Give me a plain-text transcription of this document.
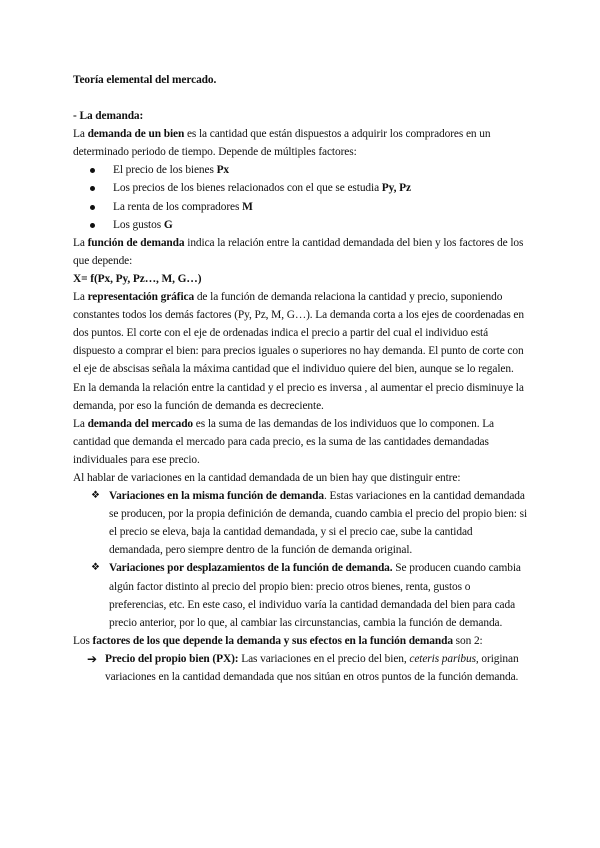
Teoría elemental del mercado.

- La demanda:

La demanda de un bien es la cantidad que están dispuestos a adquirir los compradores en un determinado periodo de tiempo. Depende de múltiples factores:

El precio de los bienes Px
Los precios de los bienes relacionados con el que se estudia Py, Pz
La renta de los compradores M
Los gustos G

La función de demanda indica la relación entre la cantidad demandada del bien y los factores de los que depende:

X= f(Px, Py, Pz…, M, G…)

La representación gráfica de la función de demanda relaciona la cantidad y precio, suponiendo constantes todos los demás factores (Py, Pz, M, G…). La demanda corta a los ejes de coordenadas en dos puntos. El corte con el eje de ordenadas indica el precio a partir del cual el individuo está dispuesto a comprar el bien: para precios iguales o superiores no hay demanda. El punto de corte con el eje de abscisas señala la máxima cantidad que el individuo quiere del bien, aunque se lo regalen.

En la demanda la relación entre la cantidad y el precio es inversa , al aumentar el precio disminuye la demanda, por eso la función de demanda es decreciente.

La demanda del mercado es la suma de las demandas de los individuos que lo componen. La cantidad que demanda el mercado para cada precio, es la suma de las cantidades demandadas individuales para ese precio.

Al hablar de variaciones en la cantidad demandada de un bien hay que distinguir entre:

❖ Variaciones en la misma función de demanda. Estas variaciones en la cantidad demandada se producen, por la propia definición de demanda, cuando cambia el precio del propio bien: si el precio se eleva, baja la cantidad demandada, y si el precio cae, sube la cantidad demandada, pero siempre dentro de la función de demanda original.
❖ Variaciones por desplazamientos de la función de demanda. Se producen cuando cambia algún factor distinto al precio del propio bien: precio otros bienes, renta, gustos o preferencias, etc. En este caso, el individuo varía la cantidad demandada del bien para cada precio anterior, por lo que, al cambiar las circunstancias, cambia la función de demanda.

Los factores de los que depende la demanda y sus efectos en la función demanda son 2:

➔ Precio del propio bien (PX): Las variaciones en el precio del bien, ceteris paribus, originan variaciones en la cantidad demandada que nos sitúan en otros puntos de la función demanda.
